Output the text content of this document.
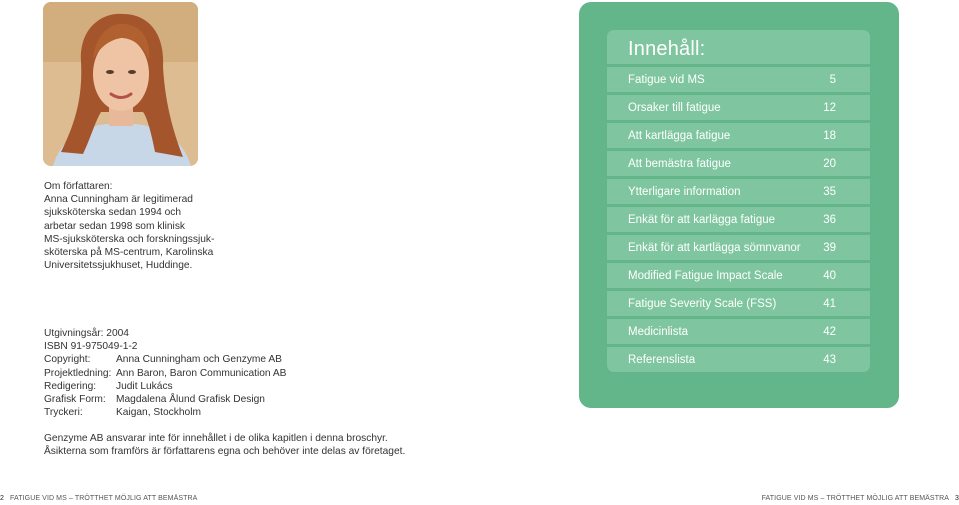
Om författaren:

Anna Cunningham är legitimerad

sjuksköterska sedan 1994 och

arbetar sedan 1998 som klinisk

MS-sjuksköterska och forskningssjuk-

sköterska på MS-centrum, Karolinska

Universitetssjukhuset, Huddinge.

Utgivningsår: 2004

ISBN 91-975049-1-2

Copyright:	Anna Cunningham och Genzyme AB
Projektledning: Ann Baron, Baron Communication AB
Redigering:	Judit Lukács
Grafisk Form:	Magdalena Ålund Grafisk Design
Tryckeri:	Kaigan, Stockholm

Genzyme AB ansvarar inte för innehållet i de olika kapitlen i denna broschyr.

Åsikterna som framförs är författarens egna och behöver inte delas av företaget.

2 FATIGUE VID MS – TRÖTTHET MÖJLIG ATT BEMÄSTRA	FATIGUE VID MS – TRÖTTHET MÖJLIG ATT BEMÄSTRA 3
Innehåll:
Fatigue vid MS	5
Orsaker till fatigue	12
Att kartlägga fatigue	18
Att bemästra fatigue	20
Ytterligare information	35
Enkät för att karlägga fatigue	36
Enkät för att kartlägga sömnvanor 39
Modified Fatigue Impact Scale	40
Fatigue Severity Scale (FSS)	41
Medicinlista	42
Referenslista	43
